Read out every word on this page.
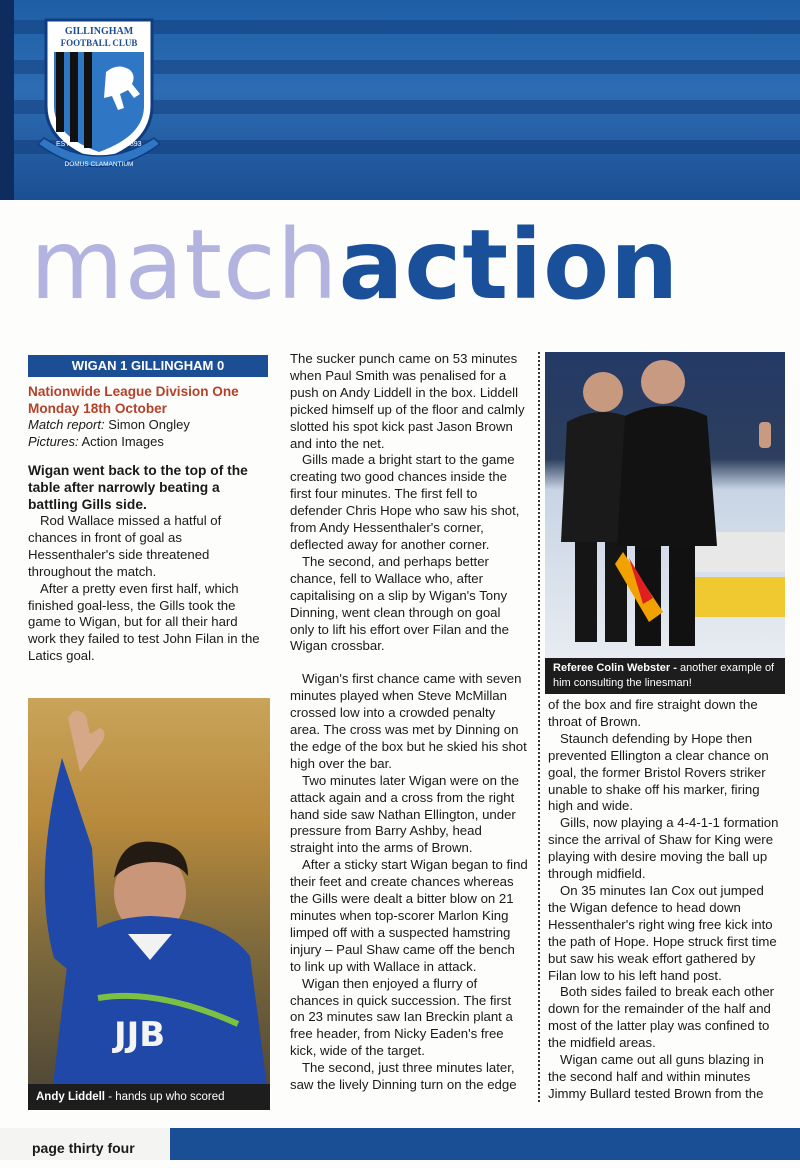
GILLINGHAM
FOOTBALL CLUB
EST	1893
DOMUS CLAMANTIUM
matchaction
WIGAN 1 GILLINGHAM 0
Nationwide League Division One
Monday 18th October
Match report: Simon Ongley
Pictures: Action Images
Wigan went back to the top of the table after narrowly beating a battling Gills side.

Rod Wallace missed a hatful of chances in front of goal as Hessenthaler's side threatened throughout the match.

After a pretty even first half, which finished goal-less, the Gills took the game to Wigan, but for all their hard work they failed to test John Filan in the Latics goal.

JJB
Andy Liddell - hands up who scored

The sucker punch came on 53 minutes when Paul Smith was penalised for a push on Andy Liddell in the box. Liddell picked himself up of the floor and calmly slotted his spot kick past Jason Brown and into the net.

Gills made a bright start to the game creating two good chances inside the first four minutes. The first fell to defender Chris Hope who saw his shot, from Andy Hessenthaler's corner, deflected away for another corner.

The second, and perhaps better chance, fell to Wallace who, after capitalising on a slip by Wigan's Tony Dinning, went clean through on goal only to lift his effort over Filan and the Wigan crossbar.

Wigan's first chance came with seven minutes played when Steve McMillan crossed low into a crowded penalty area. The cross was met by Dinning on the edge of the box but he skied his shot high over the bar.

Two minutes later Wigan were on the attack again and a cross from the right hand side saw Nathan Ellington, under pressure from Barry Ashby, head straight into the arms of Brown.

After a sticky start Wigan began to find their feet and create chances whereas the Gills were dealt a bitter blow on 21 minutes when top-scorer Marlon King limped off with a suspected hamstring injury – Paul Shaw came off the bench to link up with Wallace in attack.

Wigan then enjoyed a flurry of chances in quick succession. The first on 23 minutes saw Ian Breckin plant a free header, from Nicky Eaden's free kick, wide of the target.

The second, just three minutes later, saw the lively Dinning turn on the edge

Referee Colin Webster - another example of him consulting the linesman!

of the box and fire straight down the throat of Brown.

Staunch defending by Hope then prevented Ellington a clear chance on goal, the former Bristol Rovers striker unable to shake off his marker, firing high and wide.

Gills, now playing a 4-4-1-1 formation since the arrival of Shaw for King were playing with desire moving the ball up through midfield.

On 35 minutes Ian Cox out jumped the Wigan defence to head down Hessenthaler's right wing free kick into the path of Hope. Hope struck first time but saw his weak effort gathered by Filan low to his left hand post.

Both sides failed to break each other down for the remainder of the half and most of the latter play was confined to the midfield areas.

Wigan came out all guns blazing in the second half and within minutes Jimmy Bullard tested Brown from the

page thirty four
